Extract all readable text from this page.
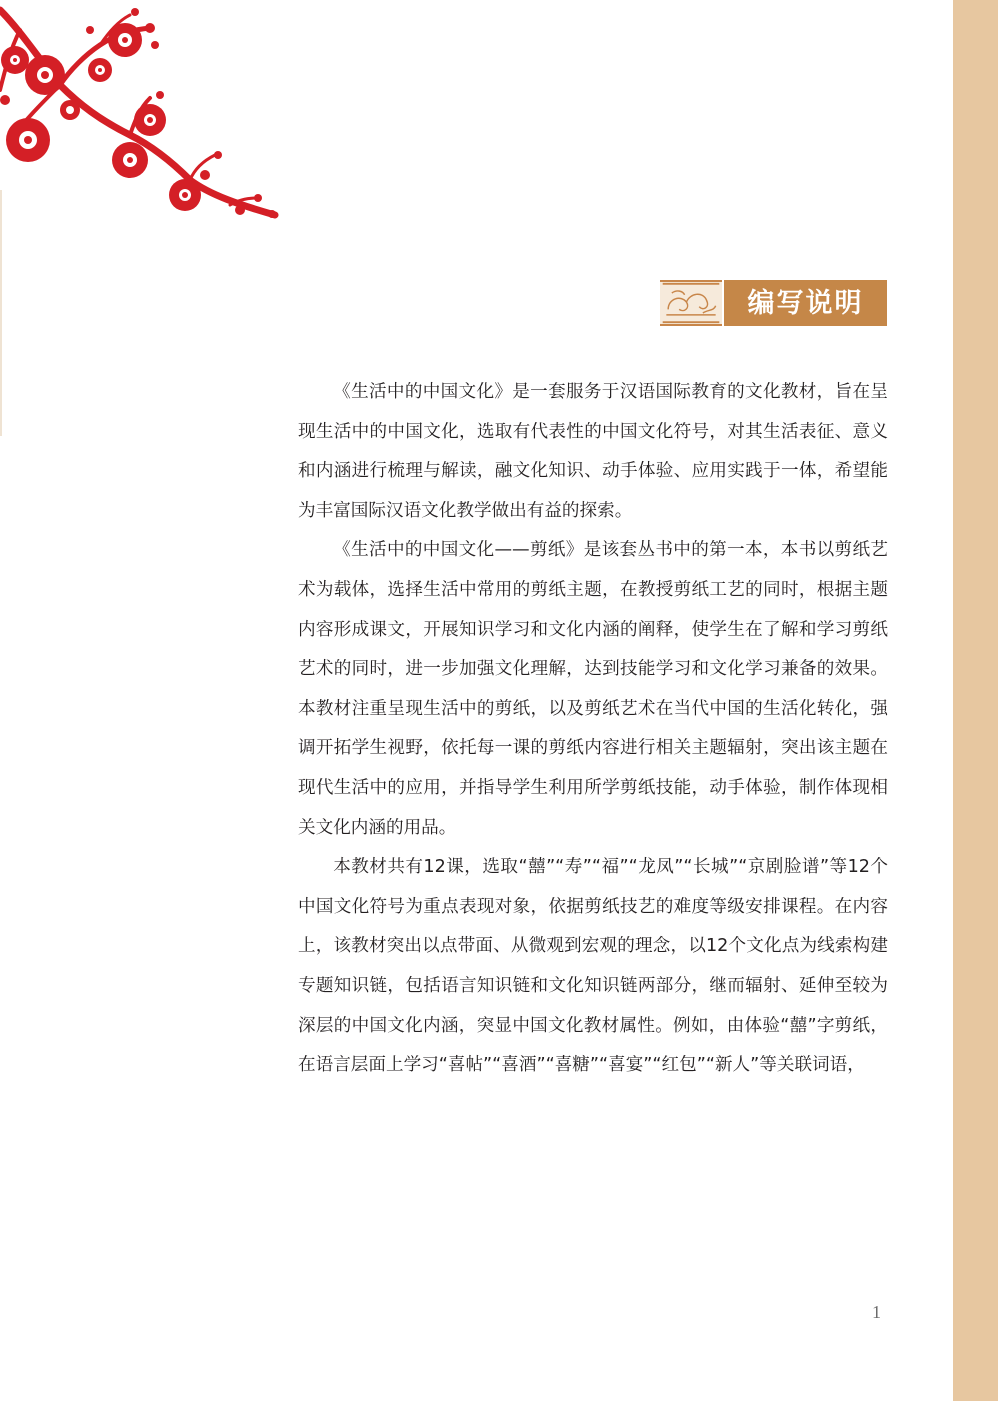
编写说明

《生活中的中国文化》是一套服务于汉语国际教育的文化教材，旨在呈现生活中的中国文化，选取有代表性的中国文化符号，对其生活表征、意义和内涵进行梳理与解读，融文化知识、动手体验、应用实践于一体，希望能为丰富国际汉语文化教学做出有益的探索。

《生活中的中国文化——剪纸》是该套丛书中的第一本，本书以剪纸艺术为载体，选择生活中常用的剪纸主题，在教授剪纸工艺的同时，根据主题内容形成课文，开展知识学习和文化内涵的阐释，使学生在了解和学习剪纸艺术的同时，进一步加强文化理解，达到技能学习和文化学习兼备的效果。本教材注重呈现生活中的剪纸，以及剪纸艺术在当代中国的生活化转化，强调开拓学生视野，依托每一课的剪纸内容进行相关主题辐射，突出该主题在现代生活中的应用，并指导学生利用所学剪纸技能，动手体验，制作体现相关文化内涵的用品。

本教材共有12课，选取“囍”“寿”“福”“龙凤”“长城”“京剧脸谱”等12个中国文化符号为重点表现对象，依据剪纸技艺的难度等级安排课程。在内容上，该教材突出以点带面、从微观到宏观的理念，以12个文化点为线索构建专题知识链，包括语言知识链和文化知识链两部分，继而辐射、延伸至较为深层的中国文化内涵，突显中国文化教材属性。例如，由体验“囍”字剪纸，在语言层面上学习“喜帖”“喜酒”“喜糖”“喜宴”“红包”“新人”等关联词语，

1
